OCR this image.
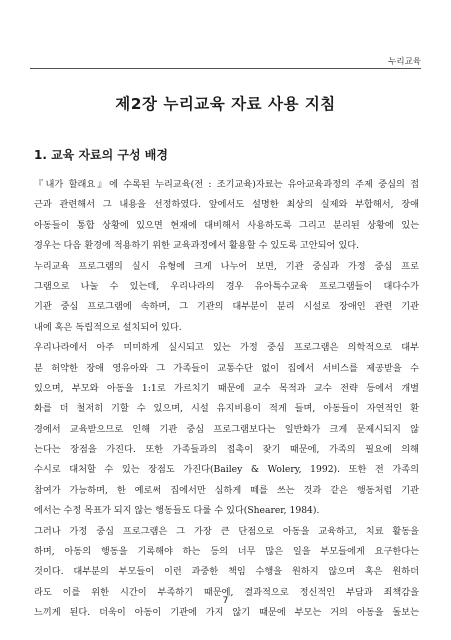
누리교육
제2장 누리교육 자료 사용 지침
1. 교육 자료의 구성 배경
『내가 할래요』에 수록된 누리교육(전 : 조기교육)자료는 유아교육과정의 주제 중심의 접
근과 관련해서 그 내용을 선정하였다. 앞에서도 설명한 최상의 실제와 부합해서, 장애
아동들이 통합 상황에 있으면 현재에 대비해서 사용하도록 그리고 분리된 상황에 있는
경우는 다음 환경에 적용하기 위한 교육과정에서 활용할 수 있도록 고안되어 있다.
누리교육 프로그램의 실시 유형에 크게 나누어 보면, 기관 중심과 가정 중심 프로
그램으로 나눌 수 있는데, 우리나라의 경우 유아특수교육 프로그램들이 대다수가
기관 중심 프로그램에 속하며, 그 기관의 대부분이 분리 시설로 장애인 관련 기관
내에 혹은 독립적으로 설치되어 있다.
우리나라에서 아주 미미하게 실시되고 있는 가정 중심 프로그램은 의학적으로 대부
분 허약한 장애 영유아와 그 가족들이 교통수단 없이 집에서 서비스를 제공받을 수
있으며, 부모와 아동을 1:1로 가르치기 때문에 교수 목적과 교수 전략 등에서 개별
화를 더 철저히 기할 수 있으며, 시설 유지비용이 적게 들며, 아동들이 자연적인 환
경에서 교육받으므로 인해 기관 중심 프로그램보다는 일반화가 크게 문제시되지 않
는다는 장점을 가진다. 또한 가족들과의 접촉이 잦기 때문에, 가족의 필요에 의해
수시로 대처할 수 있는 장점도 가진다(Bailey & Wolery, 1992). 또한 전 가족의
참여가 가능하며, 한 예로써 집에서만 심하게 떼를 쓰는 것과 같은 행동처럼 기관
에서는 수정 목표가 되지 않는 행동들도 다룰 수 있다(Shearer, 1984).
그러나 가정 중심 프로그램은 그 가장 큰 단점으로 아동을 교육하고, 치료 활동을
하며, 아동의 행동을 기록해야 하는 등의 너무 많은 일을 부모들에게 요구한다는
것이다. 대부분의 부모들이 이런 과중한 책임 수행을 원하지 않으며 혹은 원하더
라도 이를 위한 시간이 부족하기 때문에, 결과적으로 정신적인 부담과 죄책감을
느끼게 된다. 더욱이 아동이 기관에 가지 않기 때문에 부모는 거의 아동을 돌보는
7
